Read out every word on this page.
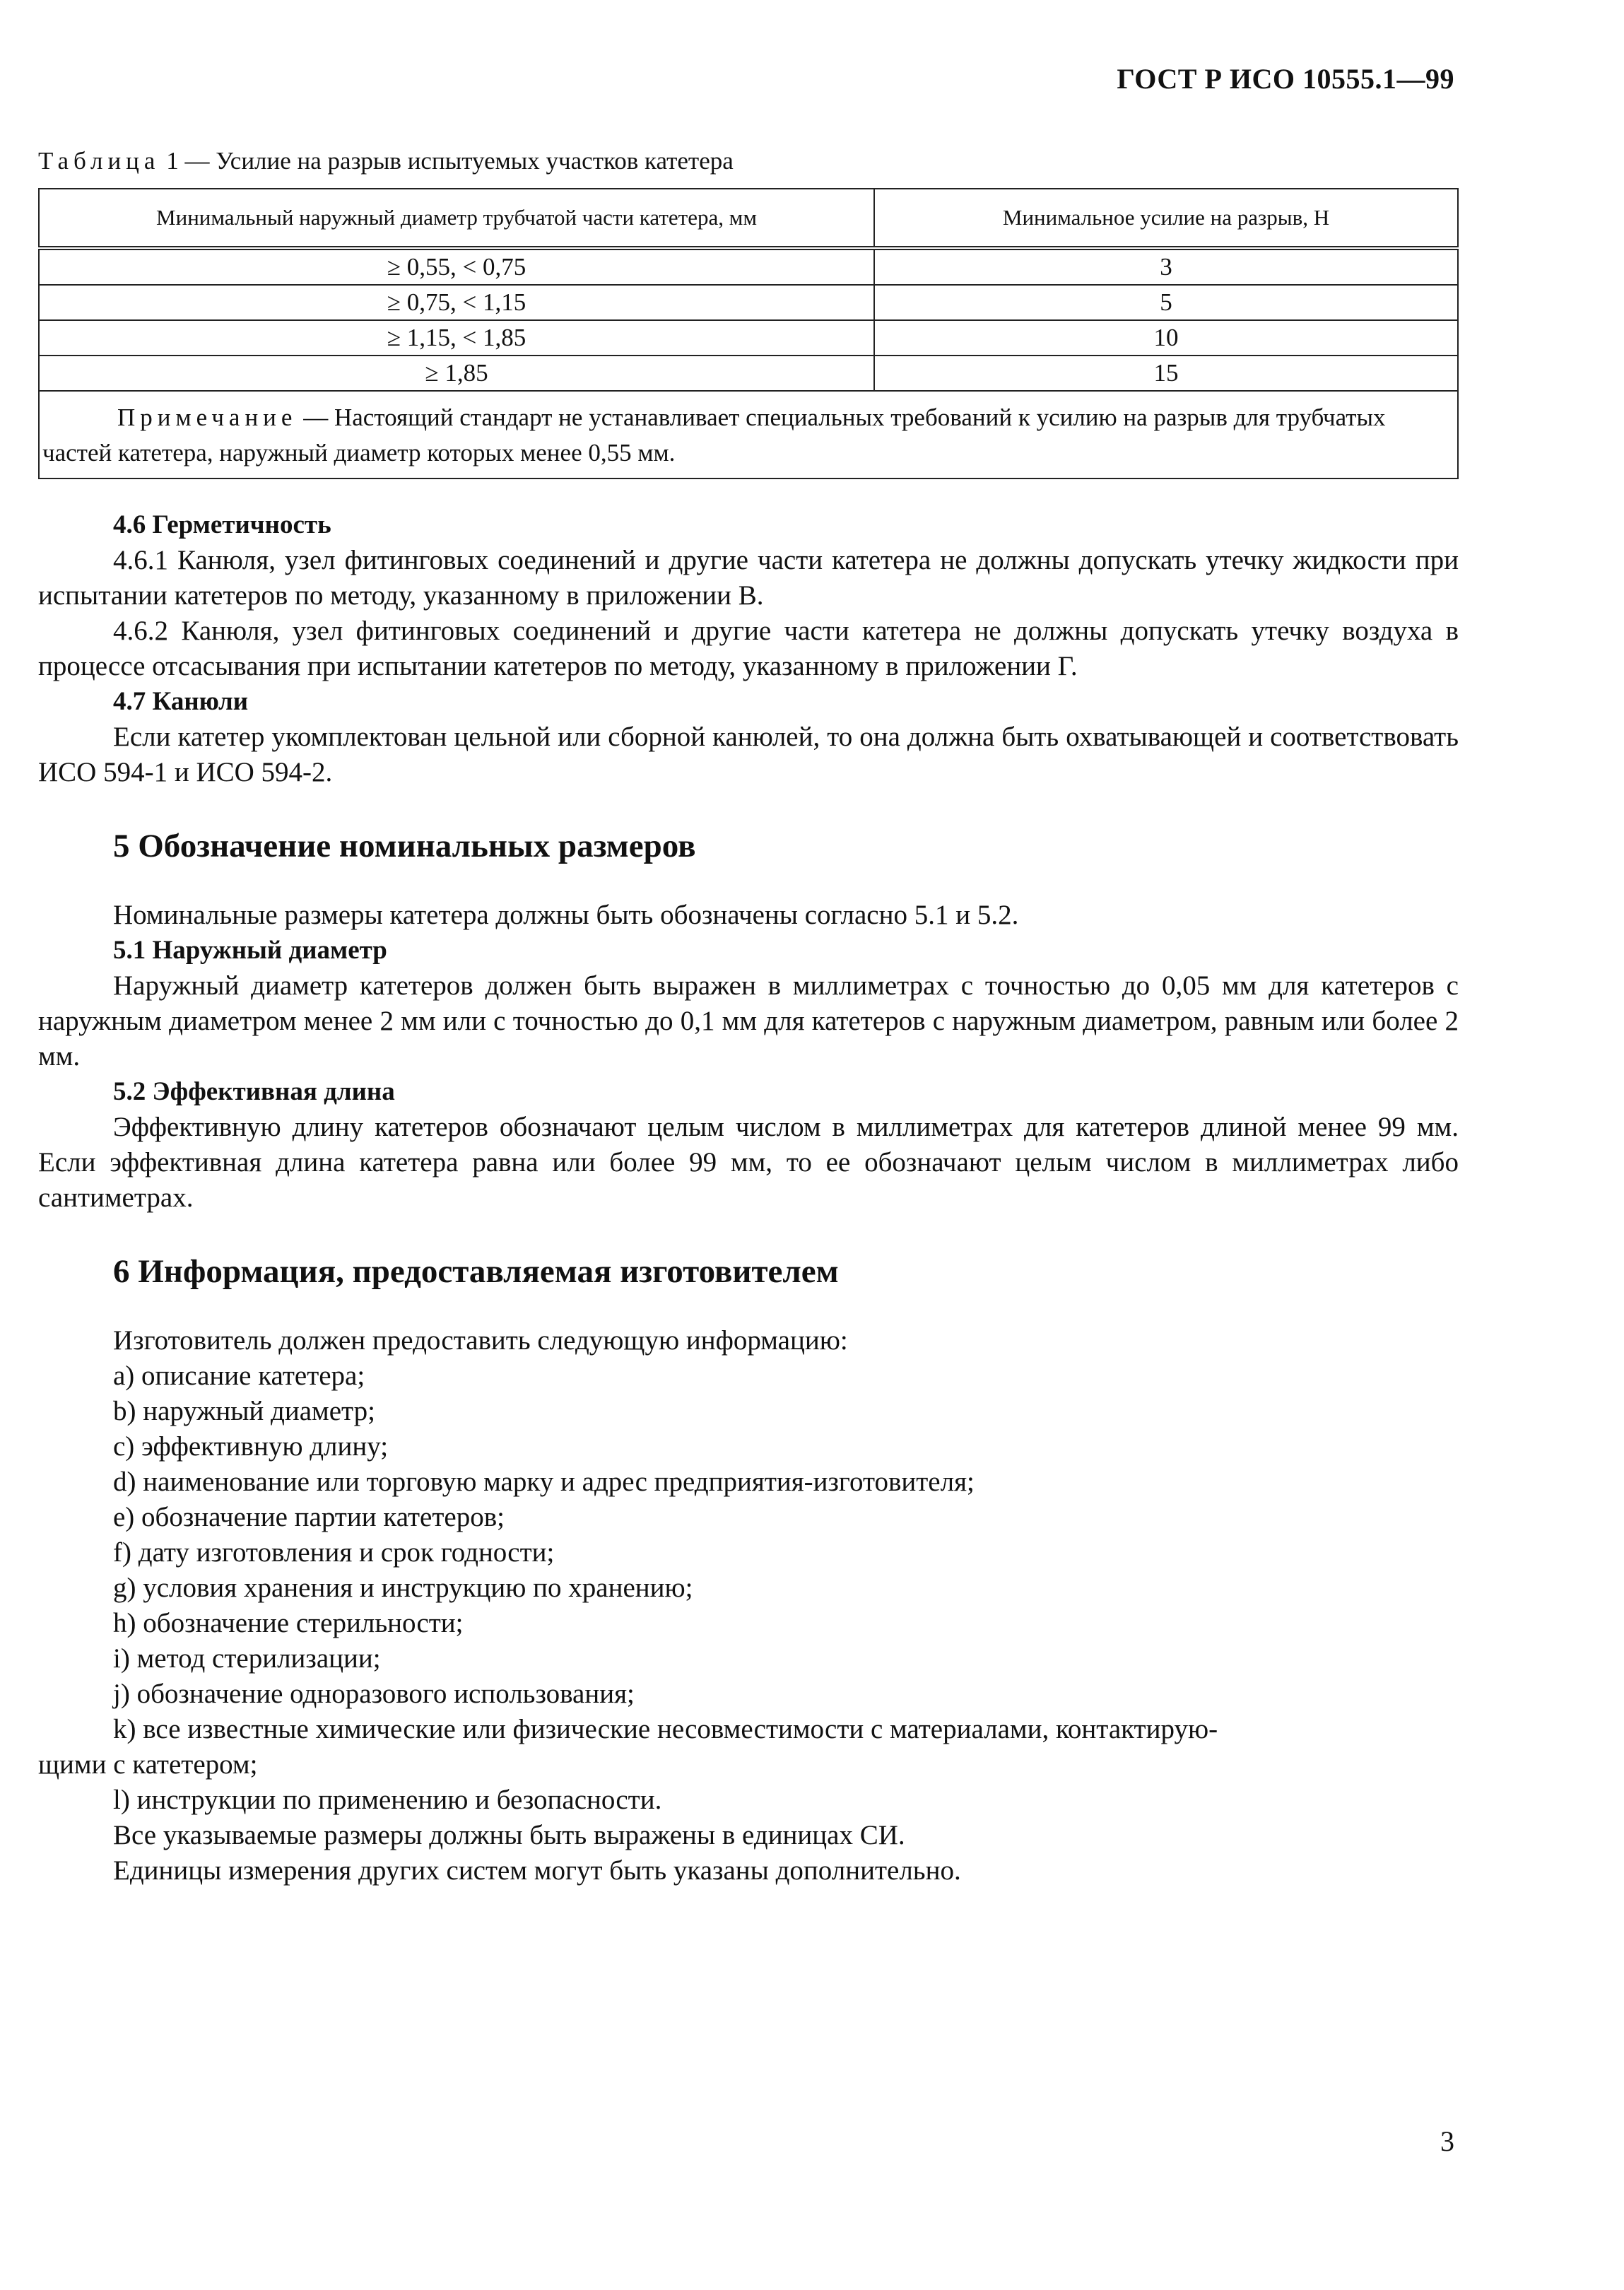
ГОСТ Р ИСО 10555.1—99
Таблица 1 — Усилие на разрыв испытуемых участков катетера
Минимальный наружный диаметр трубчатой части катетера, мм	Минимальное усилие на разрыв, Н
≥ 0,55, < 0,75	3
≥ 0,75, < 1,15	5
≥ 1,15, < 1,85	10
≥ 1,85	15
Примечание — Настоящий стандарт не устанавливает специальных требований к усилию на разрыв для трубчатых частей катетера, наружный диаметр которых менее 0,55 мм.	
4.6 Герметичность

4.6.1 Канюля, узел фитинговых соединений и другие части катетера не должны допускать утечку жидкости при испытании катетеров по методу, указанному в приложении В.

4.6.2 Канюля, узел фитинговых соединений и другие части катетера не должны допускать утечку воздуха в процессе отсасывания при испытании катетеров по методу, указанному в приложении Г.

4.7 Канюли

Если катетер укомплектован цельной или сборной канюлей, то она должна быть охватывающей и соответствовать ИСО 594-1 и ИСО 594-2.

5 Обозначение номинальных размеров

Номинальные размеры катетера должны быть обозначены согласно 5.1 и 5.2.

5.1 Наружный диаметр

Наружный диаметр катетеров должен быть выражен в миллиметрах с точностью до 0,05 мм для катетеров с наружным диаметром менее 2 мм или с точностью до 0,1 мм для катетеров с наружным диаметром, равным или более 2 мм.

5.2 Эффективная длина

Эффективную длину катетеров обозначают целым числом в миллиметрах для катетеров длиной менее 99 мм. Если эффективная длина катетера равна или более 99 мм, то ее обозначают целым числом в миллиметрах либо сантиметрах.

6 Информация, предоставляемая изготовителем

Изготовитель должен предоставить следующую информацию:

a) описание катетера;
b) наружный диаметр;
c) эффективную длину;
d) наименование или торговую марку и адрес предприятия-изготовителя;
e) обозначение партии катетеров;
f) дату изготовления и срок годности;
g) условия хранения и инструкцию по хранению;
h) обозначение стерильности;
i) метод стерилизации;
j) обозначение одноразового использования;
k) все известные химические или физические несовместимости с материалами, контактирую-
щими с катетером;
l) инструкции по применению и безопасности.

Все указываемые размеры должны быть выражены в единицах СИ.

Единицы измерения других систем могут быть указаны дополнительно.

3
